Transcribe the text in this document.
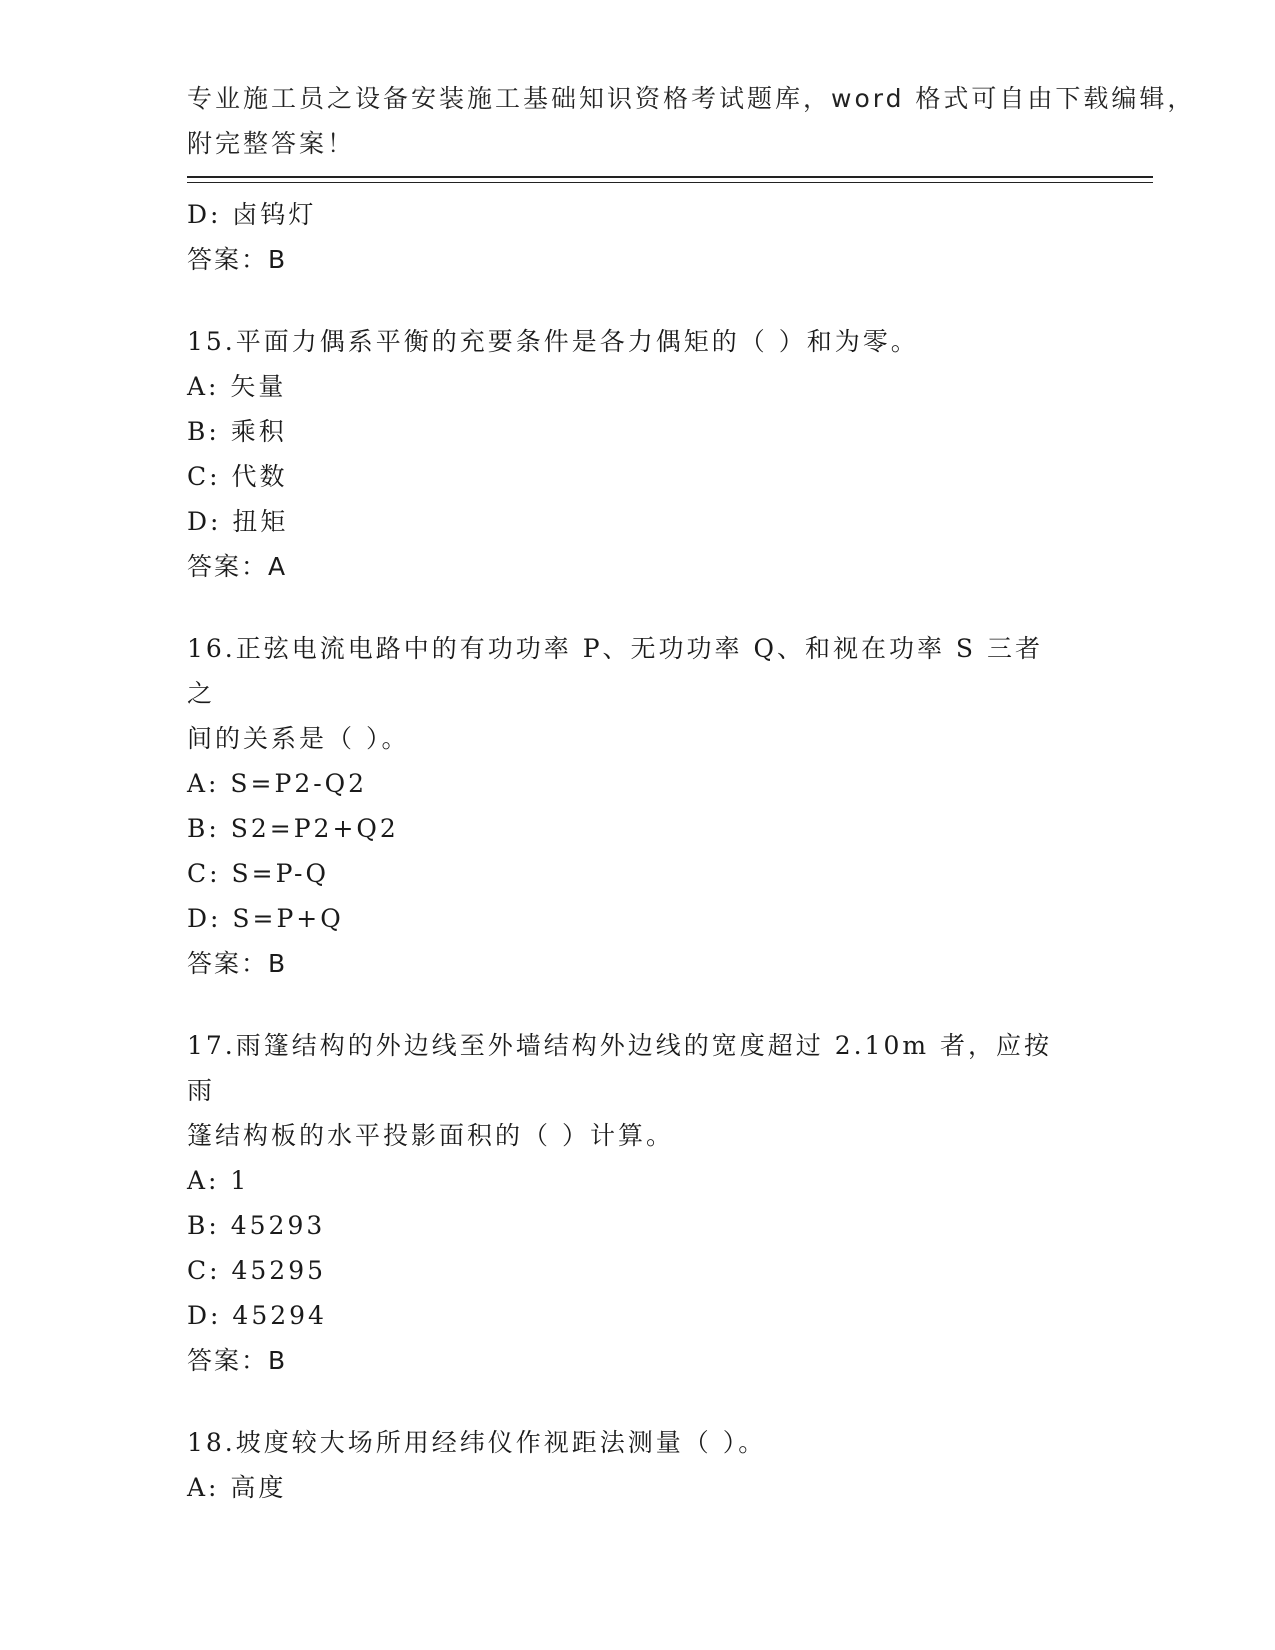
专业施工员之设备安装施工基础知识资格考试题库，word 格式可自由下载编辑，
附完整答案！
D: 卤钨灯
答案：B
15.平面力偶系平衡的充要条件是各力偶矩的（ ）和为零。
A: 矢量
B: 乘积
C: 代数
D: 扭矩
答案：A
16.正弦电流电路中的有功功率 P、无功功率 Q、和视在功率 S 三者之
间的关系是（ ）。
A: S=P2-Q2
B: S2=P2+Q2
C: S=P-Q
D: S=P+Q
答案：B
17.雨篷结构的外边线至外墙结构外边线的宽度超过 2.10m 者，应按雨
篷结构板的水平投影面积的（ ）计算。
A: 1
B: 45293
C: 45295
D: 45294
答案：B
18.坡度较大场所用经纬仪作视距法测量（ ）。
A: 高度
